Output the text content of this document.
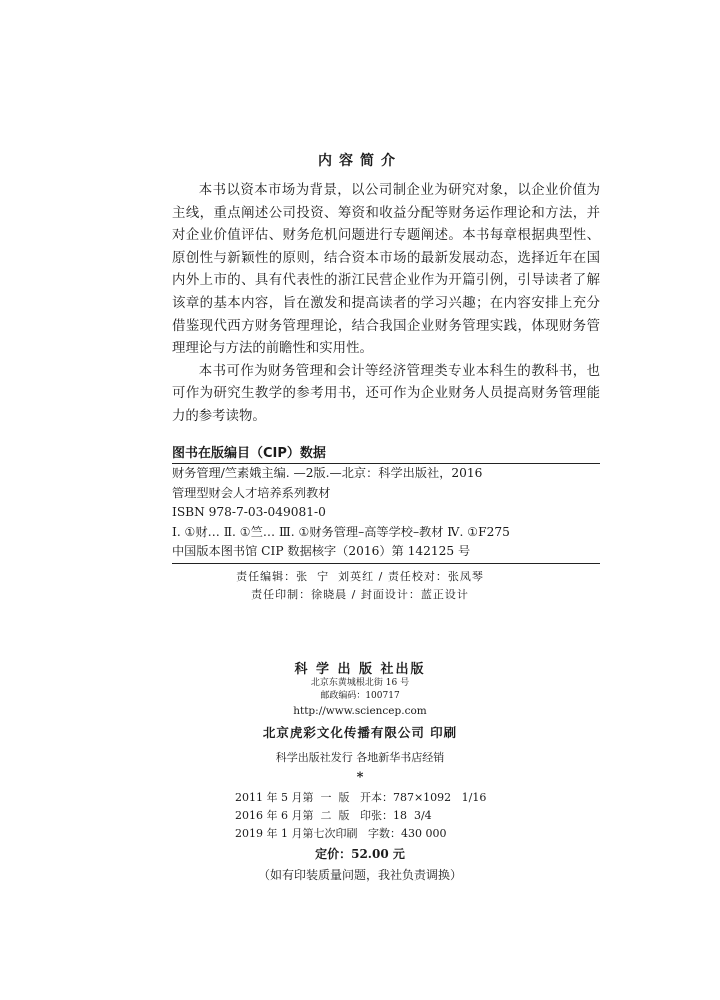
内容简介

本书以资本市场为背景，以公司制企业为研究对象，以企业价值为主线，重点阐述公司投资、筹资和收益分配等财务运作理论和方法，并对企业价值评估、财务危机问题进行专题阐述。本书每章根据典型性、原创性与新颖性的原则，结合资本市场的最新发展动态，选择近年在国内外上市的、具有代表性的浙江民营企业作为开篇引例，引导读者了解该章的基本内容，旨在激发和提高读者的学习兴趣；在内容安排上充分借鉴现代西方财务管理理论，结合我国企业财务管理实践，体现财务管理理论与方法的前瞻性和实用性。

本书可作为财务管理和会计等经济管理类专业本科生的教科书，也可作为研究生教学的参考用书，还可作为企业财务人员提高财务管理能力的参考读物。

图书在版编目（CIP）数据
财务管理/竺素娥主编. —2版.—北京：科学出版社，2016
管理型财会人才培养系列教材
ISBN 978-7-03-049081-0
Ⅰ. ①财… Ⅱ. ①竺… Ⅲ. ①财务管理–高等学校–教材 Ⅳ. ①F275
中国版本图书馆 CIP 数据核字（2016）第 142125 号
责任编辑：张  宁  刘英红 / 责任校对：张凤琴
责任印制：徐晓晨 / 封面设计：蓝正设计
科 学 出 版 社出版
北京东黄城根北街 16 号
邮政编码：100717
http://www.sciencep.com
北京虎彩文化传播有限公司 印刷
科学出版社发行 各地新华书店经销
*
2011 年 5 月第  一  版   开本：787×1092   1/16
2016 年 6 月第  二  版   印张：18  3/4
2019 年 1 月第七次印刷   字数：430 000
定价：52.00 元
（如有印装质量问题，我社负责调换）
